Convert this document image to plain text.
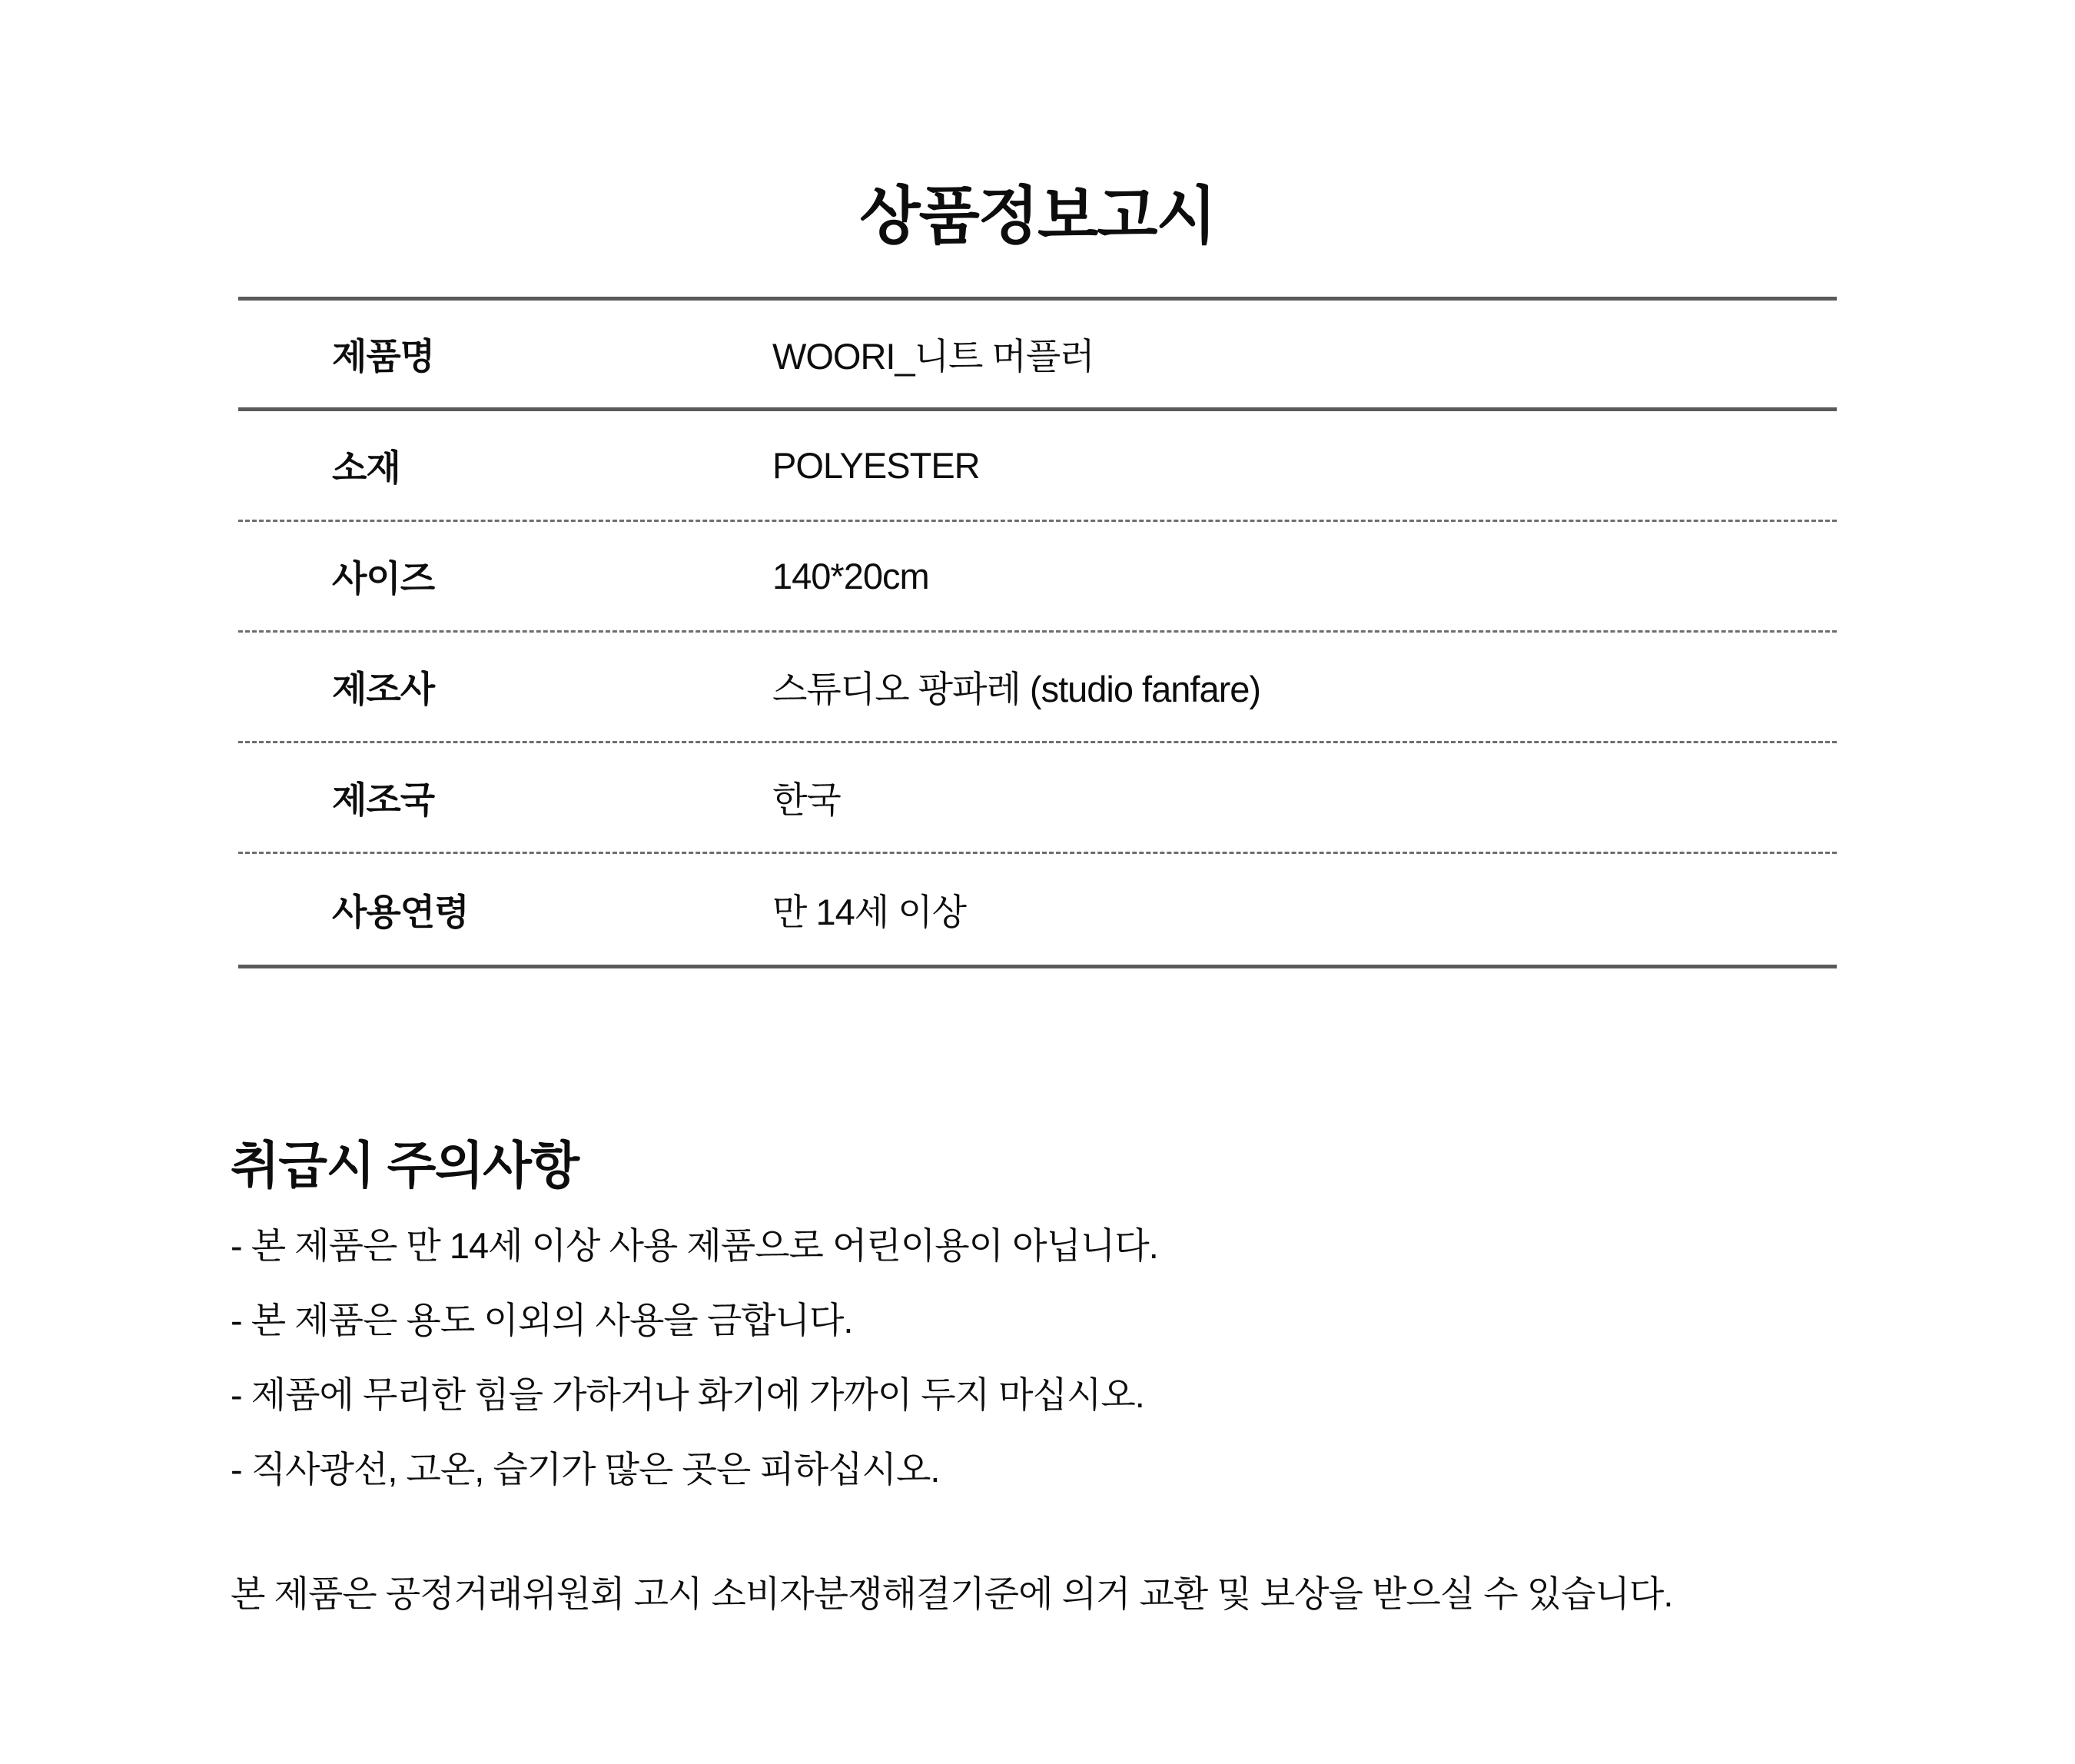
상품정보고시
제품명	WOORI_니트 머플러
소재	POLYESTER
사이즈	140*20cm
제조사	스튜디오 팡파레 (studio fanfare)
제조국	한국
사용연령	만 14세 이상
취급시 주의사항
- 본 제품은 만 14세 이상 사용 제품으로 어린이용이 아닙니다.
- 본 제품은 용도 이외의 사용을 금합니다.
- 제품에 무리한 힘을 가하거나 화기에 가까이 두지 마십시오.
- 직사광선, 고온, 습기가 많은 곳은 피하십시오.
본 제품은 공정거래위원회 고시 소비자분쟁해결기준에 의거 교환 및 보상을 받으실 수 있습니다.
